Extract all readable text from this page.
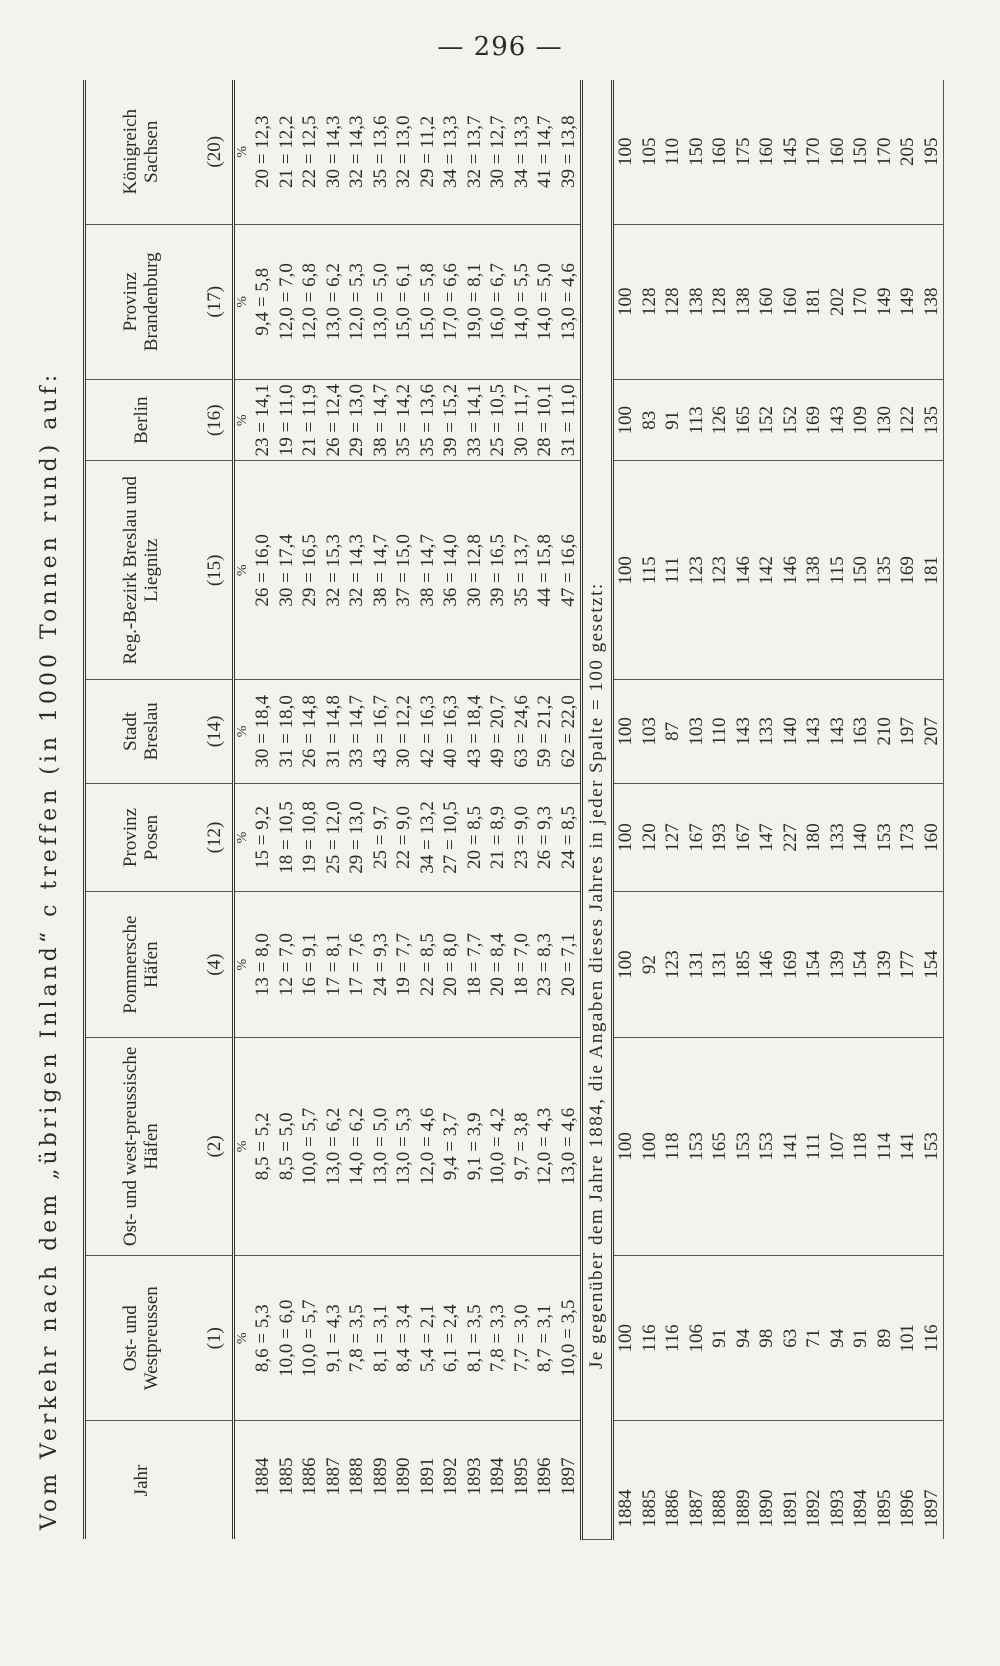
— 296 —
Vom Verkehr nach dem „übrigen Inland“ c treffen (in 1000 Tonnen rund) auf:	Jahr	Ost- und Westpreussen	Ost- und west-preussische Häfen	Pommersche Häfen	Provinz Posen	Stadt Breslau	Reg.-Bezirk Breslau und Liegnitz	Berlin	Provinz Brandenburg	Königreich Sachsen
	(1)	(2)	(4)	(12)	(14)	(15)	(16)	(17)	(20)
	%	%	%	%	%	%	%	%	%
1884	8,6 = 5,3	8,5 = 5,2	13 = 8,0	15 = 9,2	30 = 18,4	26 = 16,0	23 = 14,1	9,4 = 5,8	20 = 12,3
1885	10,0 = 6,0	8,5 = 5,0	12 = 7,0	18 = 10,5	31 = 18,0	30 = 17,4	19 = 11,0	12,0 = 7,0	21 = 12,2
1886	10,0 = 5,7	10,0 = 5,7	16 = 9,1	19 = 10,8	26 = 14,8	29 = 16,5	21 = 11,9	12,0 = 6,8	22 = 12,5
1887	9,1 = 4,3	13,0 = 6,2	17 = 8,1	25 = 12,0	31 = 14,8	32 = 15,3	26 = 12,4	13,0 = 6,2	30 = 14,3
1888	7,8 = 3,5	14,0 = 6,2	17 = 7,6	29 = 13,0	33 = 14,7	32 = 14,3	29 = 13,0	12,0 = 5,3	32 = 14,3
1889	8,1 = 3,1	13,0 = 5,0	24 = 9,3	25 = 9,7	43 = 16,7	38 = 14,7	38 = 14,7	13,0 = 5,0	35 = 13,6
1890	8,4 = 3,4	13,0 = 5,3	19 = 7,7	22 = 9,0	30 = 12,2	37 = 15,0	35 = 14,2	15,0 = 6,1	32 = 13,0
1891	5,4 = 2,1	12,0 = 4,6	22 = 8,5	34 = 13,2	42 = 16,3	38 = 14,7	35 = 13,6	15,0 = 5,8	29 = 11,2
1892	6,1 = 2,4	9,4 = 3,7	20 = 8,0	27 = 10,5	40 = 16,3	36 = 14,0	39 = 15,2	17,0 = 6,6	34 = 13,3
1893	8,1 = 3,5	9,1 = 3,9	18 = 7,7	20 = 8,5	43 = 18,4	30 = 12,8	33 = 14,1	19,0 = 8,1	32 = 13,7
1894	7,8 = 3,3	10,0 = 4,2	20 = 8,4	21 = 8,9	49 = 20,7	39 = 16,5	25 = 10,5	16,0 = 6,7	30 = 12,7
1895	7,7 = 3,0	9,7 = 3,8	18 = 7,0	23 = 9,0	63 = 24,6	35 = 13,7	30 = 11,7	14,0 = 5,5	34 = 13,3
1896	8,7 = 3,1	12,0 = 4,3	23 = 8,3	26 = 9,3	59 = 21,2	44 = 15,8	28 = 10,1	14,0 = 5,0	41 = 14,7
1897	10,0 = 3,5	13,0 = 4,6	20 = 7,1	24 = 8,5	62 = 22,0	47 = 16,6	31 = 11,0	13,0 = 4,6	39 = 13,8
Je gegenüber dem Jahre 1884, die Angaben dieses Jahres in jeder Spalte = 100 gesetzt:									
1884	100	100	100	100	100	100	100	100	100
1885	116	100	92	120	103	115	83	128	105
1886	116	118	123	127	87	111	91	128	110
1887	106	153	131	167	103	123	113	138	150
1888	91	165	131	193	110	123	126	128	160
1889	94	153	185	167	143	146	165	138	175
1890	98	153	146	147	133	142	152	160	160
1891	63	141	169	227	140	146	152	160	145
1892	71	111	154	180	143	138	169	181	170
1893	94	107	139	133	143	115	143	202	160
1894	91	118	154	140	163	150	109	170	150
1895	89	114	139	153	210	135	130	149	170
1896	101	141	177	173	197	169	122	149	205
1897	116	153	154	160	207	181	135	138	195
